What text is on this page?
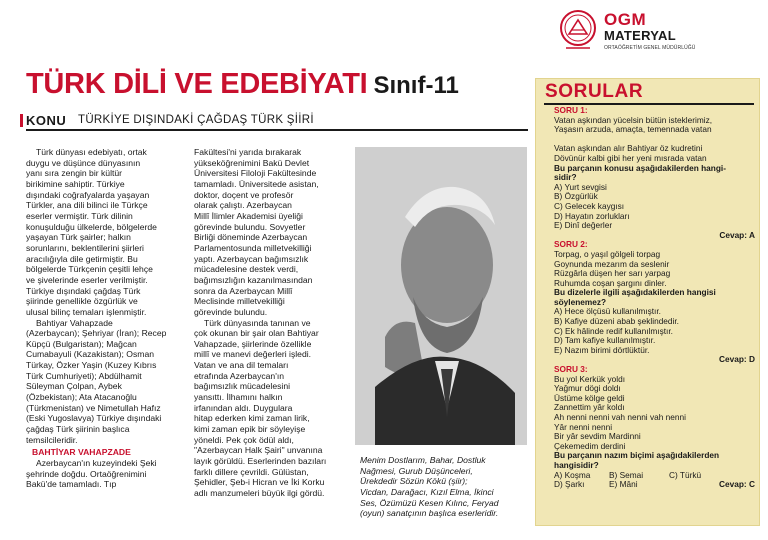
OGM
MATERYAL
ORTAÖĞRETİM GENEL MÜDÜRLÜĞÜ
TÜRK DİLİ VE EDEBİYATI Sınıf-11
KONU TÜRKİYE DIŞINDAKİ ÇAĞDAŞ TÜRK ŞİİRİ
Türk dünyası edebiyatı, ortak
duygu ve düşünce dünyasının
yanı sıra zengin bir kültür
birikimine sahiptir. Türkiye
dışındaki coğrafyalarda yaşayan
Türkler, ana dili bilinci ile Türkçe
eserler vermiştir. Türk dilinin
konuşulduğu ülkelerde, bölgelerde
yaşayan Türk şairler; halkın
sorunlarını, beklentilerini şiirleri
aracılığıyla dile getirmiştir. Bu
bölgelerde Türkçenin çeşitli lehçe
ve şivelerinde eserler verilmiştir.
Türkiye dışındaki çağdaş Türk
şiirinde genellikle özgürlük ve
ulusal bilinç temaları işlenmiştir.
Bahtiyar Vahapzade
(Azerbaycan); Şehriyar (İran); Recep
Küpçü (Bulgaristan); Mağcan
Cumabayuli (Kazakistan); Osman
Türkay, Özker Yaşin (Kuzey Kıbrıs
Türk Cumhuriyeti); Abdülhamit
Süleyman Çolpan, Aybek
(Özbekistan); Ata Atacanoğlu
(Türkmenistan) ve Nimetullah Hafız
(Eski Yugoslavya) Türkiye dışındaki
çağdaş Türk şiirinin başlıca
temsilcileridir.
BAHTİYAR VAHAPZADE
Azerbaycan'ın kuzeyindeki Şeki
şehrinde doğdu. Ortaöğrenimini
Bakü'de tamamladı. Tıp
Fakültesi'ni yarıda bırakarak
yükseköğrenimini Bakü Devlet
Üniversitesi Filoloji Fakültesinde
tamamladı. Üniversitede asistan,
doktor, doçent ve profesör
olarak çalıştı. Azerbaycan
Millî İlimler Akademisi üyeliği
görevinde bulundu. Sovyetler
Birliği döneminde Azerbaycan
Parlamentosunda milletvekilliği
yaptı. Azerbaycan bağımsızlık
mücadelesine destek verdi,
bağımsızlığın kazanılmasından
sonra da Azerbaycan Millî
Meclisinde milletvekilliği
görevinde bulundu.
Türk dünyasında tanınan ve
çok okunan bir şair olan Bahtiyar
Vahapzade, şiirlerinde özellikle
millî ve manevi değerleri işledi.
Vatan ve ana dil temaları
etrafında Azerbaycan'ın
bağımsızlık mücadelesini
yansıttı. İlhamını halkın
irfanından aldı. Duygulara
hitap ederken kimi zaman lirik,
kimi zaman epik bir söyleyişe
yöneldi. Pek çok ödül aldı,
"Azerbaycan Halk Şairi" unvanına
layık görüldü. Eserlerinden bazıları
farklı dillere çevrildi. Gülüstan,
Şehidler, Şeb-i Hicran ve İki Korku
adlı manzumeleri büyük ilgi gördü.
Menim Dostlarım, Bahar, Dostluk
Nağmesi, Gurub Düşünceleri,
Ürekdedir Sözün Kökü (şiir);
Vicdan, Darağacı, Kızıl Elma, İkinci
Ses, Özümüzü Kesen Kılınc, Feryad
(oyun) sanatçının başlıca eserleridir.
SORULAR
SORU 1:
Vatan aşkından yücelsin bütün isteklerimiz,
Yaşasın arzuda, amaçta, temennada vatan
Vatan aşkından alır Bahtiyar öz kudretini
Dövünür kalbi gibi her yeni mısrada vatan
Bu parçanın konusu aşağıdakilerden hangi-
sidir?
A) Yurt sevgisi
B) Özgürlük
C) Gelecek kaygısı
D) Hayatın zorlukları
E) Dinî değerler
Cevap: A
SORU 2:
Torpag, o yaşıl gölgeli torpag
Goynunda mezarım da seslenir
Rüzgârla düşen her sarı yarpag
Ruhumda coşan şargını dinler.
Bu dizelerle ilgili aşağıdakilerden hangisi
söylenemez?
A) Hece ölçüsü kullanılmıştır.
B) Kafiye düzeni abab şeklindedir.
C) Ek hâlinde redif kullanılmıştır.
D) Tam kafiye kullanılmıştır.
E) Nazım birimi dörtlüktür.
Cevap: D
SORU 3:
Bu yol Kerkük yoldı
Yağmur dögi doldı
Üstüme kölge geldi
Zannettim yâr koldı
Ah nenni nenni vah nenni vah nenni
Yâr nenni nenni
Bir yâr sevdim Mardinni
Çekemedim derdini
Bu parçanın nazım biçimi aşağıdakilerden
hangisidir?
A) Koşma	B) Semai	C) Türkü
D) Şarkı	E) Mâni	Cevap: C
